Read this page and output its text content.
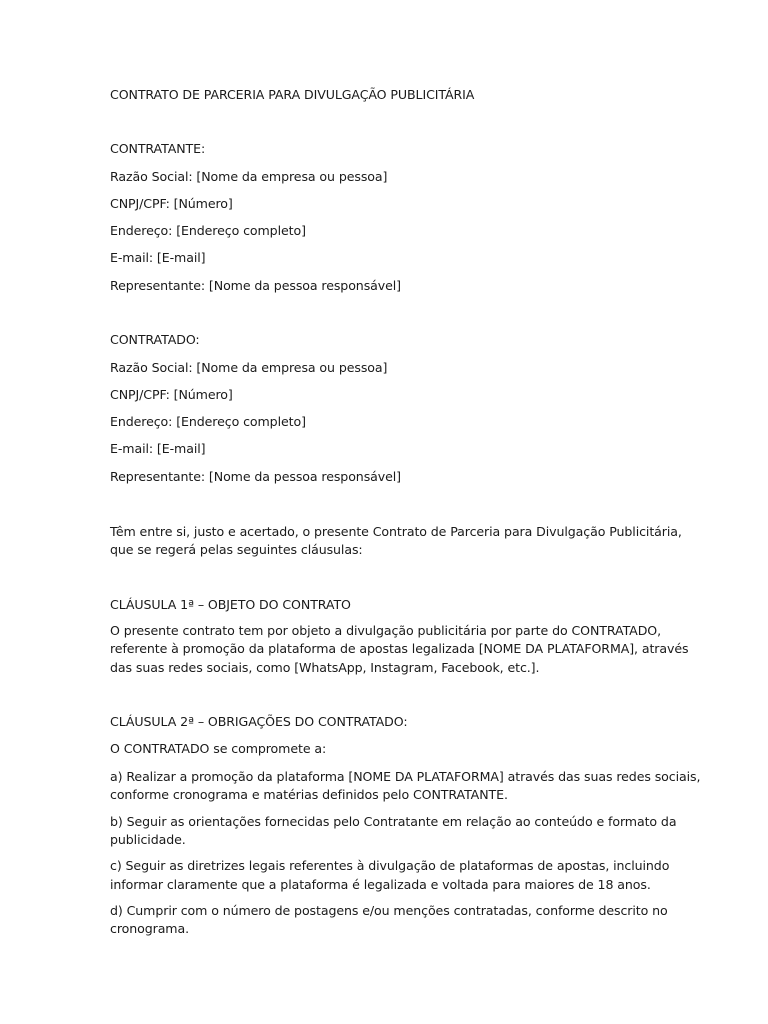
CONTRATO DE PARCERIA PARA DIVULGAÇÃO PUBLICITÁRIA
CONTRATANTE:
Razão Social: [Nome da empresa ou pessoa]
CNPJ/CPF: [Número]
Endereço: [Endereço completo]
E-mail: [E-mail]
Representante: [Nome da pessoa responsável]
CONTRATADO:
Razão Social: [Nome da empresa ou pessoa]
CNPJ/CPF: [Número]
Endereço: [Endereço completo]
E-mail: [E-mail]
Representante: [Nome da pessoa responsável]
Têm entre si, justo e acertado, o presente Contrato de Parceria para Divulgação Publicitária,
que se regerá pelas seguintes cláusulas:
CLÁUSULA 1ª – OBJETO DO CONTRATO
O presente contrato tem por objeto a divulgação publicitária por parte do CONTRATADO,
referente à promoção da plataforma de apostas legalizada [NOME DA PLATAFORMA], através
das suas redes sociais, como [WhatsApp, Instagram, Facebook, etc.].
CLÁUSULA 2ª – OBRIGAÇÕES DO CONTRATADO:
O CONTRATADO se compromete a:
a) Realizar a promoção da plataforma [NOME DA PLATAFORMA] através das suas redes sociais,
conforme cronograma e matérias definidos pelo CONTRATANTE.
b) Seguir as orientações fornecidas pelo Contratante em relação ao conteúdo e formato da
publicidade.
c) Seguir as diretrizes legais referentes à divulgação de plataformas de apostas, incluindo
informar claramente que a plataforma é legalizada e voltada para maiores de 18 anos.
d) Cumprir com o número de postagens e/ou menções contratadas, conforme descrito no
cronograma.
